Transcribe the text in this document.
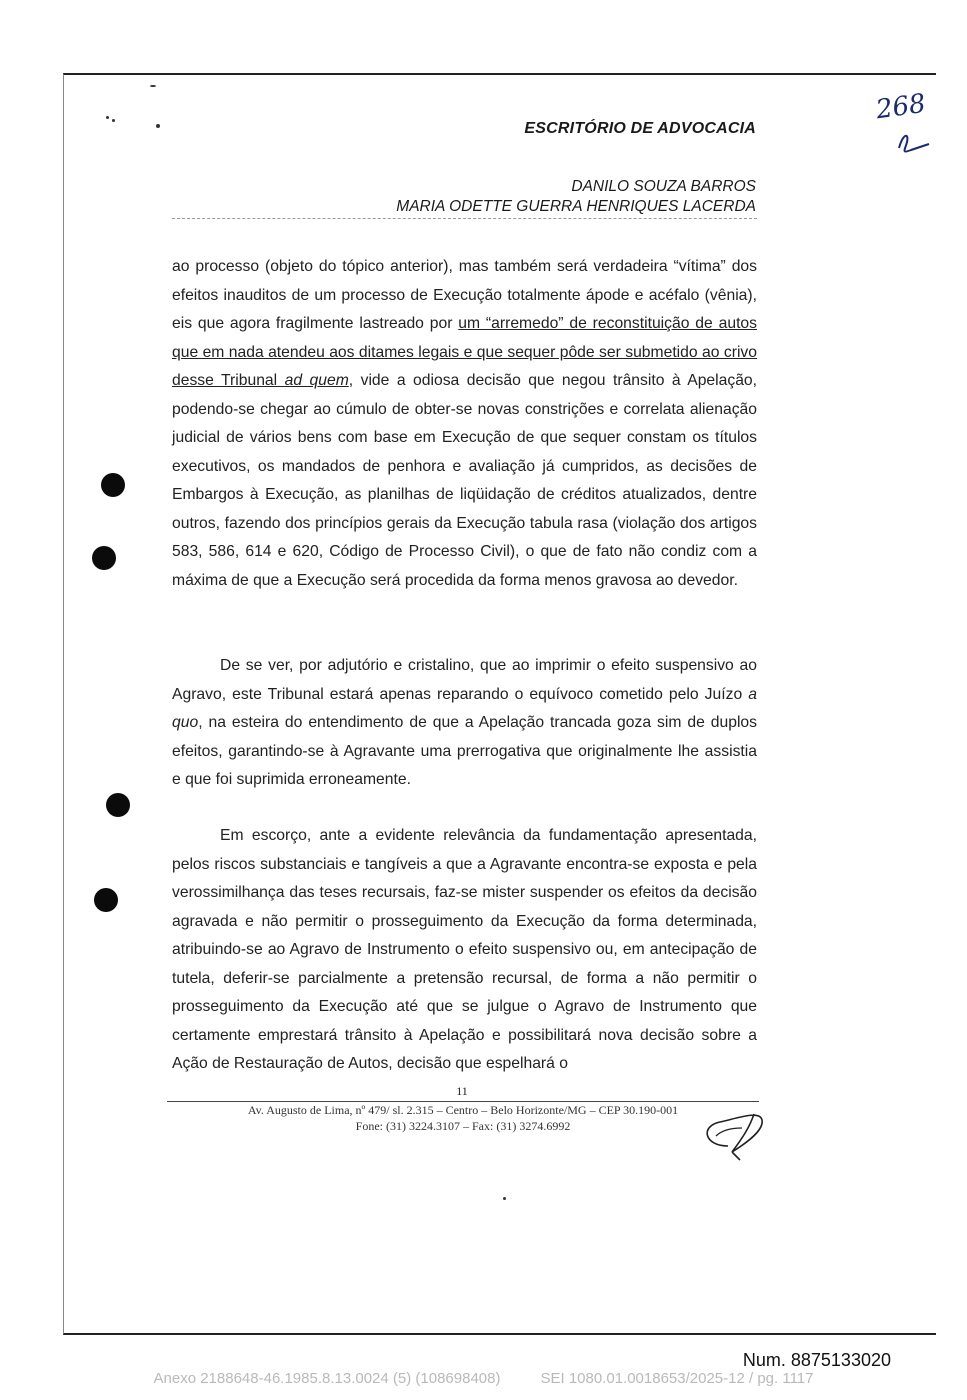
ESCRITÓRIO DE ADVOCACIA
DANILO SOUZA BARROS
MARIA ODETTE GUERRA HENRIQUES LACERDA
268
ao processo (objeto do tópico anterior), mas também será verdadeira “vítima” dos efeitos inauditos de um processo de Execução totalmente ápode e acéfalo (vênia), eis que agora fragilmente lastreado por um “arremedo” de reconstituição de autos que em nada atendeu aos ditames legais e que sequer pôde ser submetido ao crivo desse Tribunal ad quem, vide a odiosa decisão que negou trânsito à Apelação, podendo-se chegar ao cúmulo de obter-se novas constrições e correlata alienação judicial de vários bens com base em Execução de que sequer constam os títulos executivos, os mandados de penhora e avaliação já cumpridos, as decisões de Embargos à Execução, as planilhas de liqüidação de créditos atualizados, dentre outros, fazendo dos princípios gerais da Execução tabula rasa (violação dos artigos 583, 586, 614 e 620, Código de Processo Civil), o que de fato não condiz com a máxima de que a Execução será procedida da forma menos gravosa ao devedor.
De se ver, por adjutório e cristalino, que ao imprimir o efeito suspensivo ao Agravo, este Tribunal estará apenas reparando o equívoco cometido pelo Juízo a quo, na esteira do entendimento de que a Apelação trancada goza sim de duplos efeitos, garantindo-se à Agravante uma prerrogativa que originalmente lhe assistia e que foi suprimida erroneamente.
Em escorço, ante a evidente relevância da fundamentação apresentada, pelos riscos substanciais e tangíveis a que a Agravante encontra-se exposta e pela verossimilhança das teses recursais, faz-se mister suspender os efeitos da decisão agravada e não permitir o prosseguimento da Execução da forma determinada, atribuindo-se ao Agravo de Instrumento o efeito suspensivo ou, em antecipação de tutela, deferir-se parcialmente a pretensão recursal, de forma a não permitir o prosseguimento da Execução até que se julgue o Agravo de Instrumento que certamente emprestará trânsito à Apelação e possibilitará nova decisão sobre a Ação de Restauração de Autos, decisão que espelhará o
11
Av. Augusto de Lima, nº 479/ sl. 2.315 – Centro – Belo Horizonte/MG – CEP 30.190-001
Fone: (31) 3224.3107 – Fax: (31) 3274.6992
Num. 8875133020
Anexo 2188648-46.1985.8.13.0024 (5) (108698408)	SEI 1080.01.0018653/2025-12 / pg. 1117
